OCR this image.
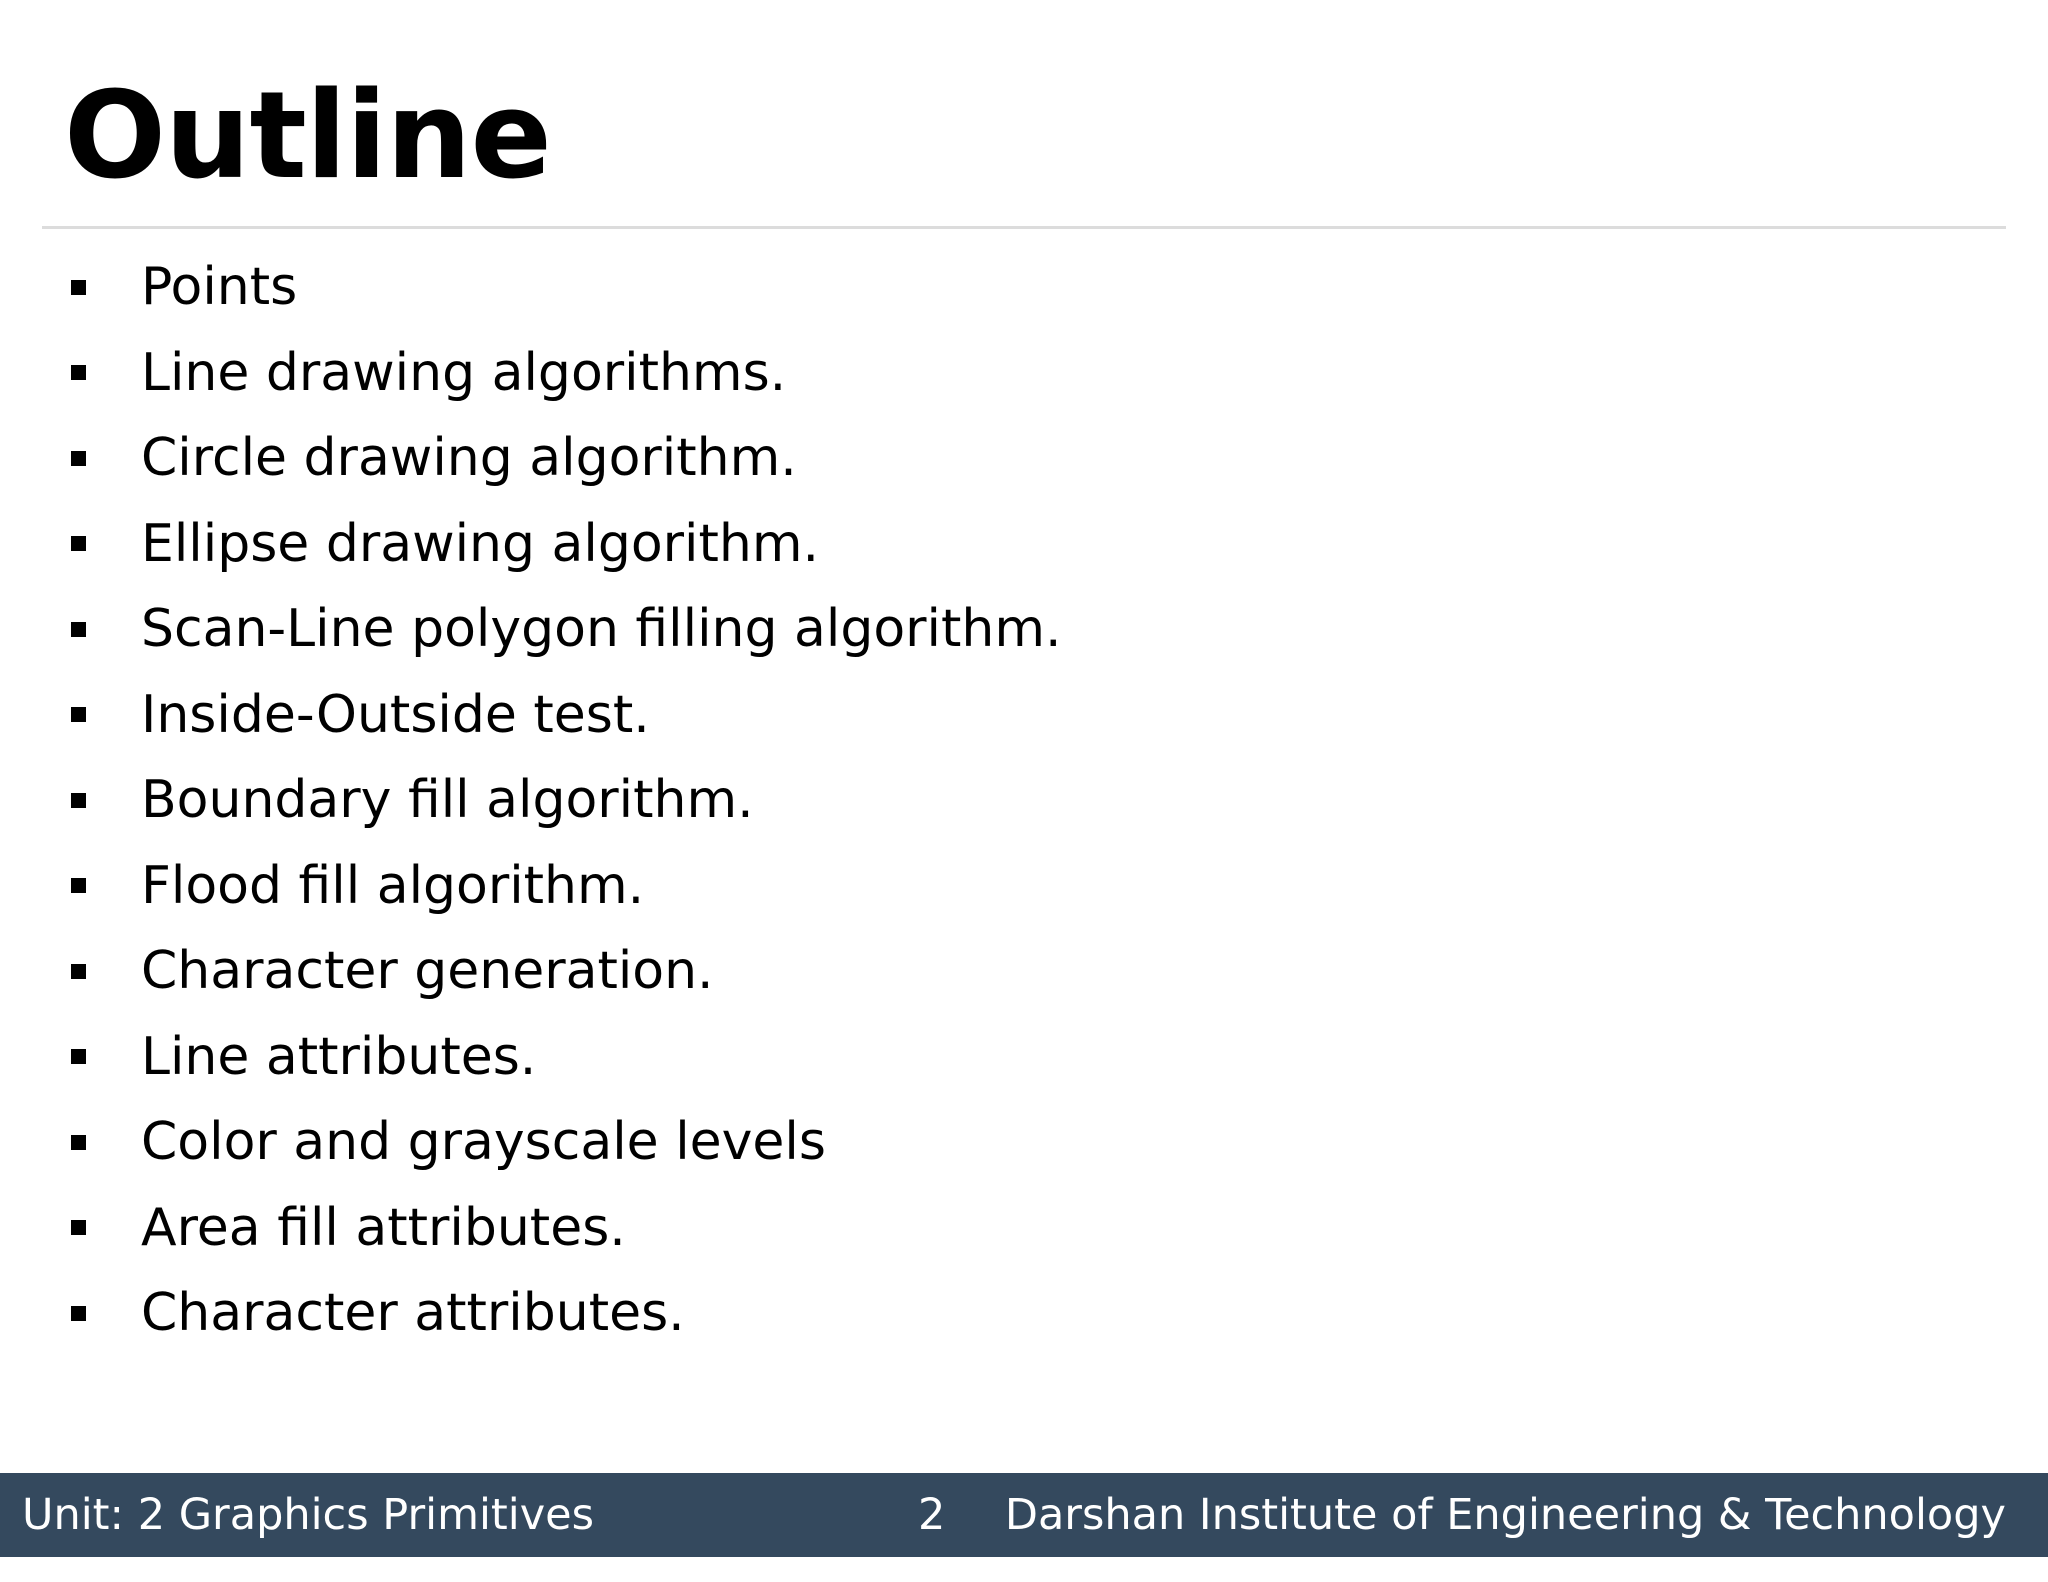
Outline
Points
Line drawing algorithms.
Circle drawing algorithm.
Ellipse drawing algorithm.
Scan-Line polygon filling algorithm.
Inside-Outside test.
Boundary fill algorithm.
Flood fill algorithm.
Character generation.
Line attributes.
Color and grayscale levels
Area fill attributes.
Character attributes.
Unit: 2 Graphics Primitives	2 Darshan Institute of Engineering & Technology
